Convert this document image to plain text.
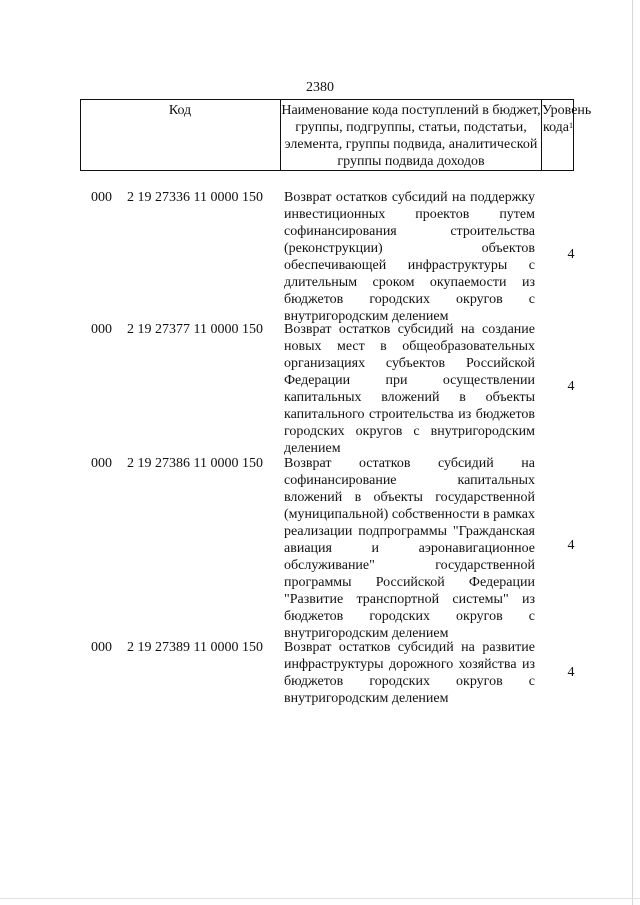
2380
Код	Наименование кода поступлений в бюджет, группы, подгруппы, статьи, подстатьи, элемента, группы подвида, аналитической группы подвида доходов
Уровень кода$^1$
000 2 19 27336 11 0000 150 Возврат остатков субсидий на поддержку инвестиционных проектов путем софинансирования строительства (реконструкции) объектов обеспечивающей инфраструктуры с длительным сроком окупаемости из бюджетов городских округов с внутригородским делением
4
000 2 19 27377 11 0000 150 Возврат остатков субсидий на создание новых мест в общеобразовательных организациях субъектов Российской Федерации при осуществлении капитальных вложений в объекты капитального строительства из бюджетов городских округов с внутригородским делением
4
000 2 19 27386 11 0000 150 Возврат остатков субсидий на софинансирование капитальных вложений в объекты государственной (муниципальной) собственности в рамках реализации подпрограммы "Гражданская авиация и аэронавигационное обслуживание" государственной программы Российской Федерации "Развитие транспортной системы" из бюджетов городских округов с внутригородским делением
4
000 2 19 27389 11 0000 150 Возврат остатков субсидий на развитие инфраструктуры дорожного хозяйства из бюджетов городских округов с внутригородским делением
4
